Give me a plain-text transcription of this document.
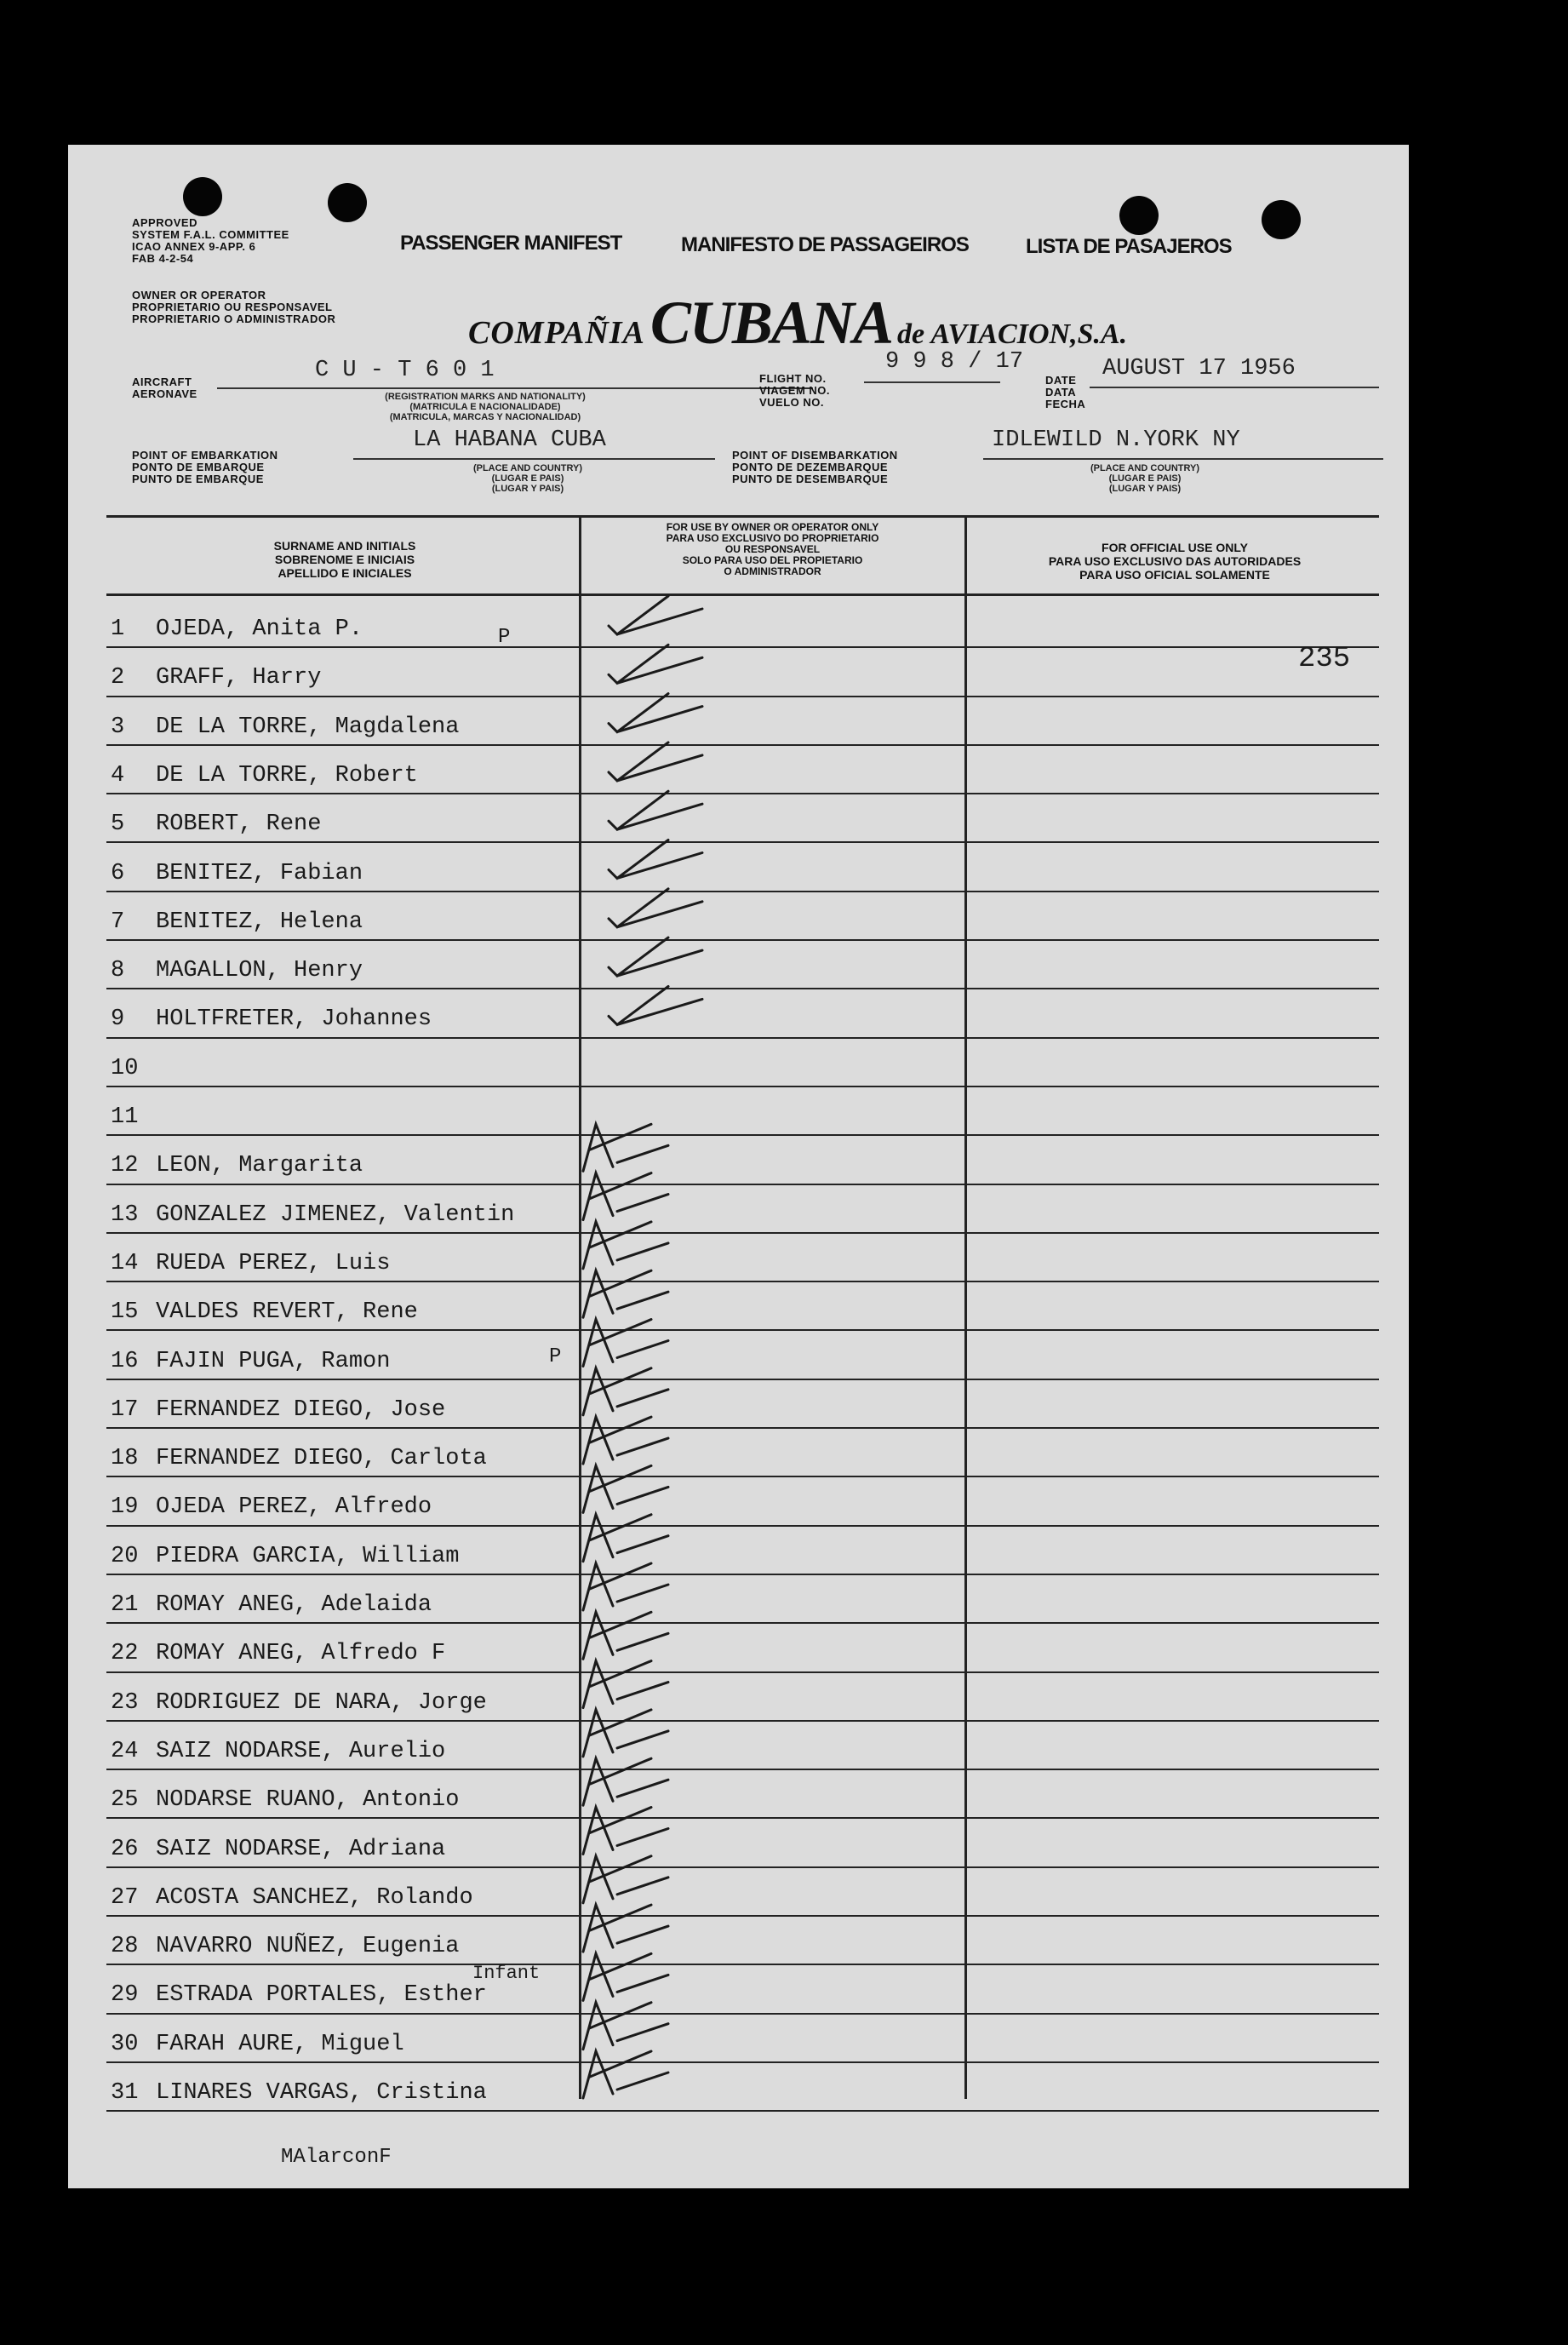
APPROVED
SYSTEM F.A.L. COMMITTEE
ICAO ANNEX 9-APP. 6
FAB 4-2-54
OWNER OR OPERATOR
PROPRIETARIO OU RESPONSAVEL
PROPRIETARIO O ADMINISTRADOR
PASSENGER MANIFEST	MANIFESTO DE PASSAGEIROS	LISTA DE PASAJEROS
COMPAÑIACUBANA de AVIACION,S.A.
AIRCRAFT
AERONAVE
C U - T 6 0 1
(REGISTRATION MARKS AND NATIONALITY)
(MATRICULA E NACIONALIDADE)
(MATRICULA, MARCAS Y NACIONALIDAD)
FLIGHT NO.
VIAGEM NO.
VUELO NO.
9 9 8 / 17
DATE
DATA
FECHA
AUGUST 17 1956
POINT OF EMBARKATION
PONTO DE EMBARQUE
PUNTO DE EMBARQUE
LA HABANA CUBA
(PLACE AND COUNTRY)
(LUGAR E PAIS)
(LUGAR Y PAIS)
POINT OF DISEMBARKATION
PONTO DE DEZEMBARQUE
PUNTO DE DESEMBARQUE
IDLEWILD N.YORK NY
(PLACE AND COUNTRY)
(LUGAR E PAIS)
(LUGAR Y PAIS)
SURNAME AND INITIALS
SOBRENOME E INICIAIS
APELLIDO E INICIALES
FOR USE BY OWNER OR OPERATOR ONLY
PARA USO EXCLUSIVO DO PROPRIETARIO
OU RESPONSAVEL
SOLO PARA USO DEL PROPIETARIO
O ADMINISTRADOR
FOR OFFICIAL USE ONLY
PARA USO EXCLUSIVO DAS AUTORIDADES
PARA USO OFICIAL SOLAMENTE
1	OJEDA, Anita P.
2	GRAFF, Harry
3	DE LA TORRE, Magdalena
4	DE LA TORRE, Robert
5	ROBERT, Rene
6	BENITEZ, Fabian
7	BENITEZ, Helena
8	MAGALLON, Henry
9	HOLTFRETER, Johannes
10
11
12 LEON, Margarita
13 GONZALEZ JIMENEZ, Valentin
14 RUEDA PEREZ, Luis
15 VALDES REVERT, Rene
16 FAJIN PUGA, Ramon
17 FERNANDEZ DIEGO, Jose
18 FERNANDEZ DIEGO, Carlota
19 OJEDA PEREZ, Alfredo
20 PIEDRA GARCIA, William
21 ROMAY ANEG, Adelaida
22 ROMAY ANEG, Alfredo F
23 RODRIGUEZ DE NARA, Jorge
24 SAIZ NODARSE, Aurelio
25 NODARSE RUANO, Antonio
26 SAIZ NODARSE, Adriana
27 ACOSTA SANCHEZ, Rolando
28 NAVARRO NUÑEZ, Eugenia
29 ESTRADA PORTALES, Esther
30 FARAH AURE, Miguel
31 LINARES VARGAS, Cristina
235
Infant
P
P
MAlarconF
